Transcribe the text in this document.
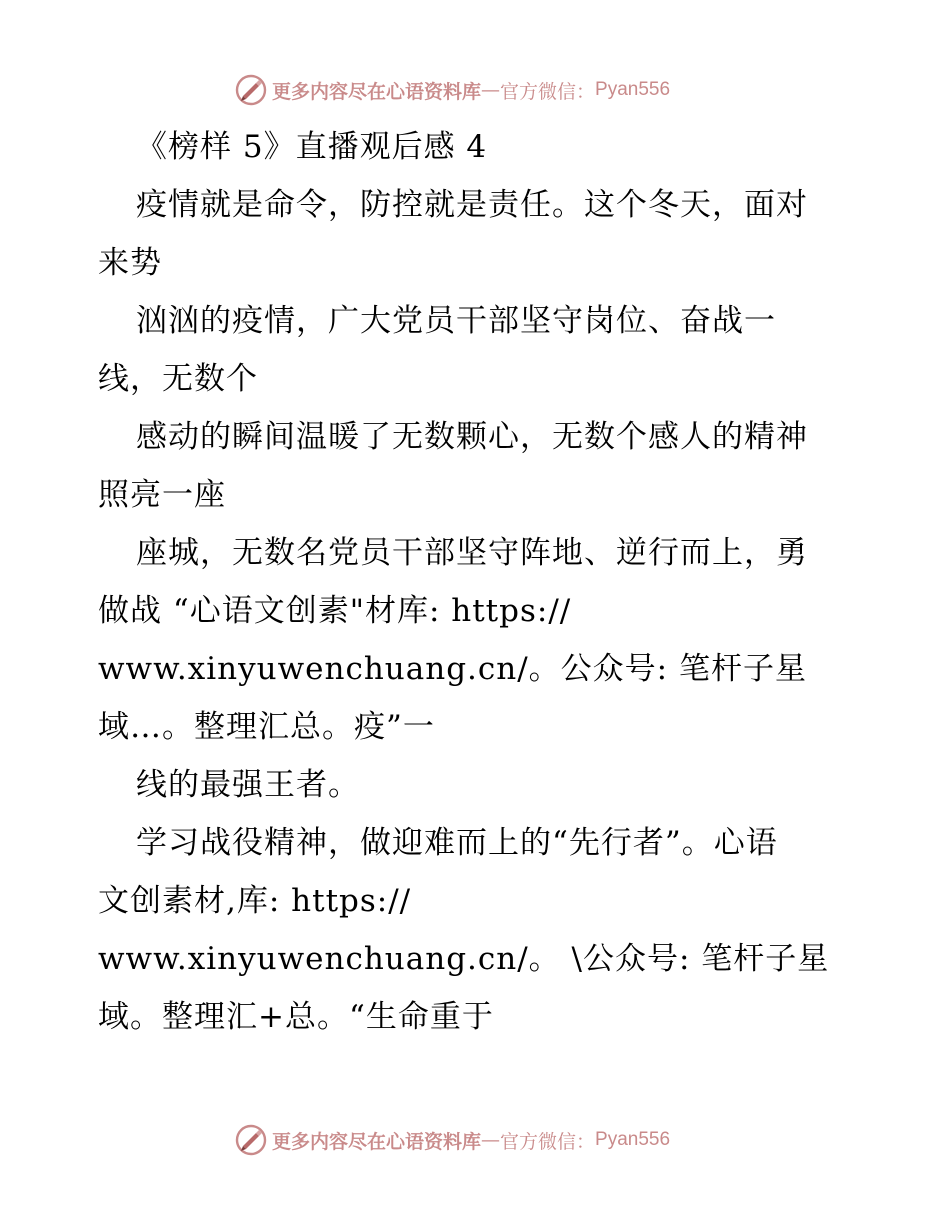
更多内容尽在心语资料库 — 官方微信： Pyan556
《榜样 5》直播观后感 4
疫情就是命令，防控就是责任。这个冬天，面对
来势
汹汹的疫情，广大党员干部坚守岗位、奋战一
线，无数个
感动的瞬间温暖了无数颗心，无数个感人的精神
照亮一座
座城，无数名党员干部坚守阵地、逆行而上，勇
做战 “心语文创素"材库: https://
www.xinyuwenchuang.cn/。公众号: 笔杆子星
域…。整理汇总。疫”一
线的最强王者。
学习战役精神，做迎难而上的“先行者”。心语
文创素材,库: https://
www.xinyuwenchuang.cn/。 \公众号: 笔杆子星
域。整理汇+总。“生命重于
更多内容尽在心语资料库 — 官方微信： Pyan556
